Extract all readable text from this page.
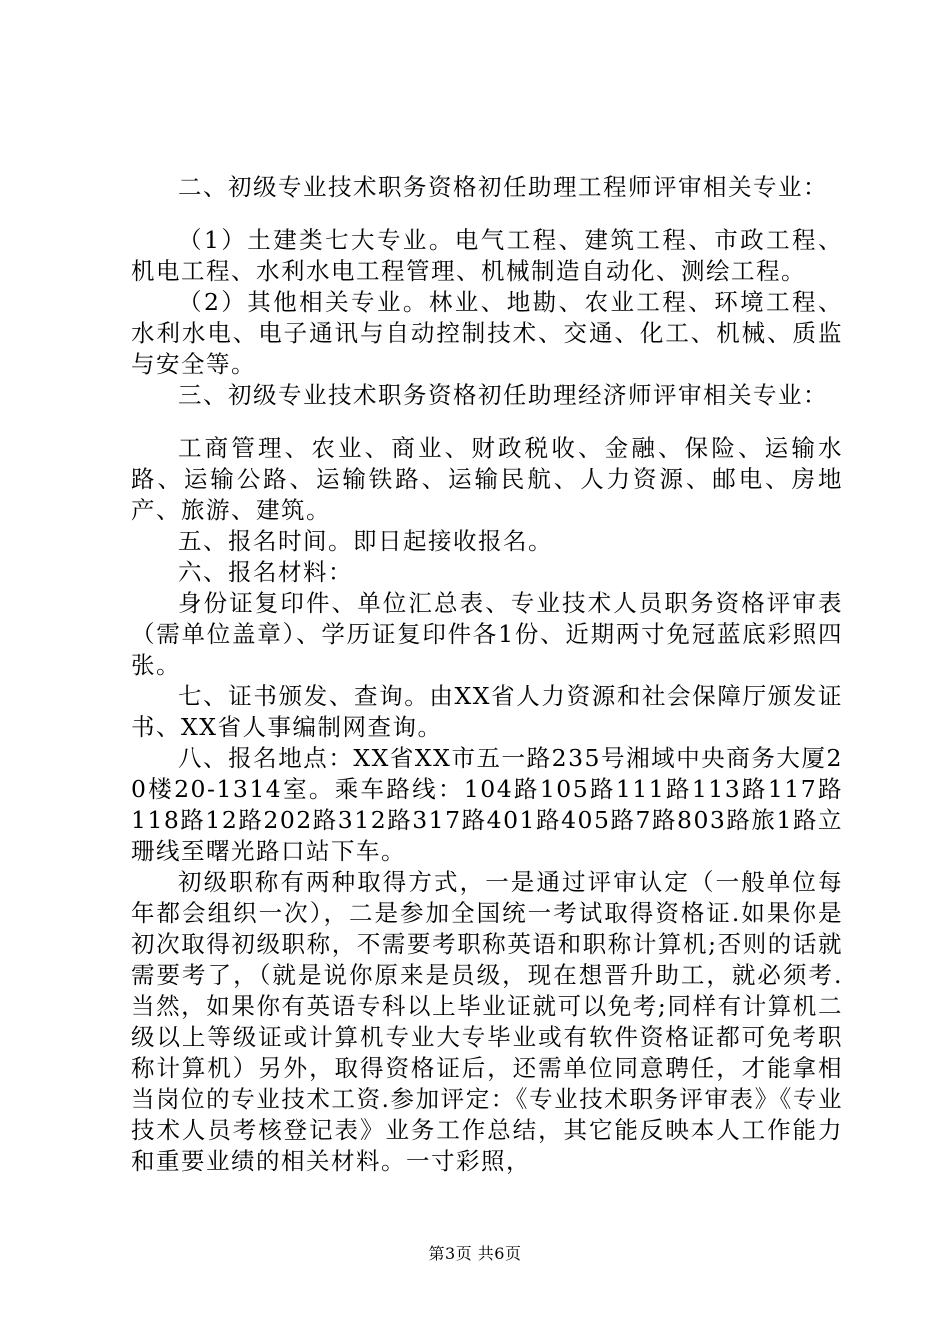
二、初级专业技术职务资格初任助理工程师评审相关专业：

（1）土建类七大专业。电气工程、建筑工程、市政工程、机电工程、水利水电工程管理、机械制造自动化、测绘工程。

（2）其他相关专业。林业、地勘、农业工程、环境工程、水利水电、电子通讯与自动控制技术、交通、化工、机械、质监与安全等。

三、初级专业技术职务资格初任助理经济师评审相关专业：

工商管理、农业、商业、财政税收、金融、保险、运输水路、运输公路、运输铁路、运输民航、人力资源、邮电、房地产、旅游、建筑。

五、报名时间。即日起接收报名。

六、报名材料：

身份证复印件、单位汇总表、专业技术人员职务资格评审表（需单位盖章）、学历证复印件各1份、近期两寸免冠蓝底彩照四张。

七、证书颁发、查询。由XX省人力资源和社会保障厅颁发证书、XX省人事编制网查询。

八、报名地点：XX省XX市五一路235号湘域中央商务大厦20楼20-1314室。乘车路线：104路105路111路113路117路118路12路202路312路317路401路405路7路803路旅1路立珊线至曙光路口站下车。

初级职称有两种取得方式，一是通过评审认定（一般单位每年都会组织一次），二是参加全国统一考试取得资格证.如果你是初次取得初级职称，不需要考职称英语和职称计算机;否则的话就需要考了，（就是说你原来是员级，现在想晋升助工，就必须考.当然，如果你有英语专科以上毕业证就可以免考;同样有计算机二级以上等级证或计算机专业大专毕业或有软件资格证都可免考职称计算机）另外，取得资格证后，还需单位同意聘任，才能拿相当岗位的专业技术工资.参加评定：《专业技术职务评审表》《专业技术人员考核登记表》业务工作总结，其它能反映本人工作能力和重要业绩的相关材料。一寸彩照，

第3页 共6页
